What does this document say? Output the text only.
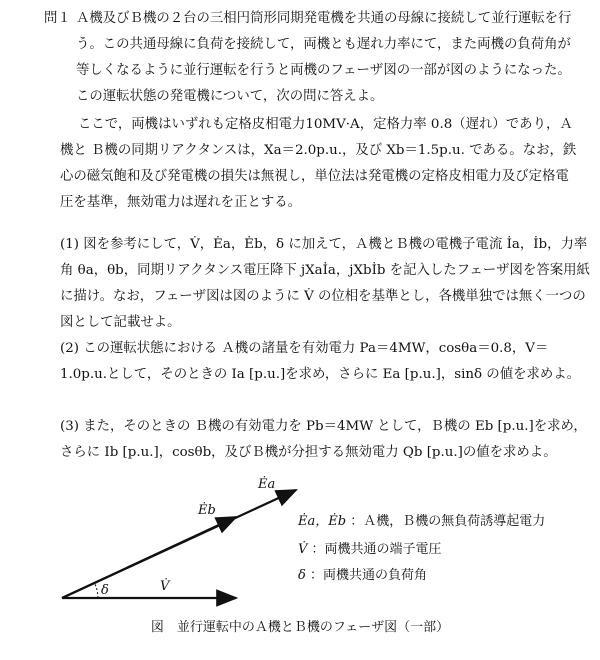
問１ Ａ機及びＢ機の２台の三相円筒形同期発電機を共通の母線に接続して並行運転を行う。この共通母線に負荷を接続して，両機とも遅れ力率にて，また両機の負荷角が等しくなるように並行運転を行うと両機のフェーザ図の一部が図のようになった。この運転状態の発電機について，次の問に答えよ。

ここで，両機はいずれも定格皮相電力10MV·A，定格力率 0.8（遅れ）であり，Ａ機と Ｂ機の同期リアクタンスは，Xa＝2.0p.u.，及び Xb＝1.5p.u. である。なお，鉄心の磁気飽和及び発電機の損失は無視し，単位法は発電機の定格皮相電力及び定格電圧を基準，無効電力は遅れを正とする。

(1) 図を参考にして，V̇，Ėa，Ėb，δ に加えて，Ａ機とＢ機の電機子電流 İa，İb，力率角 θa，θb，同期リアクタンス電圧降下 jXaİa，jXbİb を記入したフェーザ図を答案用紙に描け。なお，フェーザ図は図のように V̇ の位相を基準とし，各機単独では無く一つの図として記載せよ。
(2) この運転状態における Ａ機の諸量を有効電力 Pa＝4MW，cosθa＝0.8，V＝1.0p.u.として，そのときの Ia [p.u.]を求め，さらに Ea [p.u.]，sinδ の値を求めよ。
(3) また，そのときの Ｂ機の有効電力を Pb＝4MW として，Ｂ機の Eb [p.u.]を求め，さらに Ib [p.u.]，cosθb，及びＢ機が分担する無効電力 Qb [p.u.]の値を求めよ。
δ	V̇
Ėb
Ėa
Ėa，Ėb ：Ａ機，Ｂ機の無負荷誘導起電力
V̇ ：両機共通の端子電圧
δ ：両機共通の負荷角
図　並行運転中のＡ機とＢ機のフェーザ図（一部）
